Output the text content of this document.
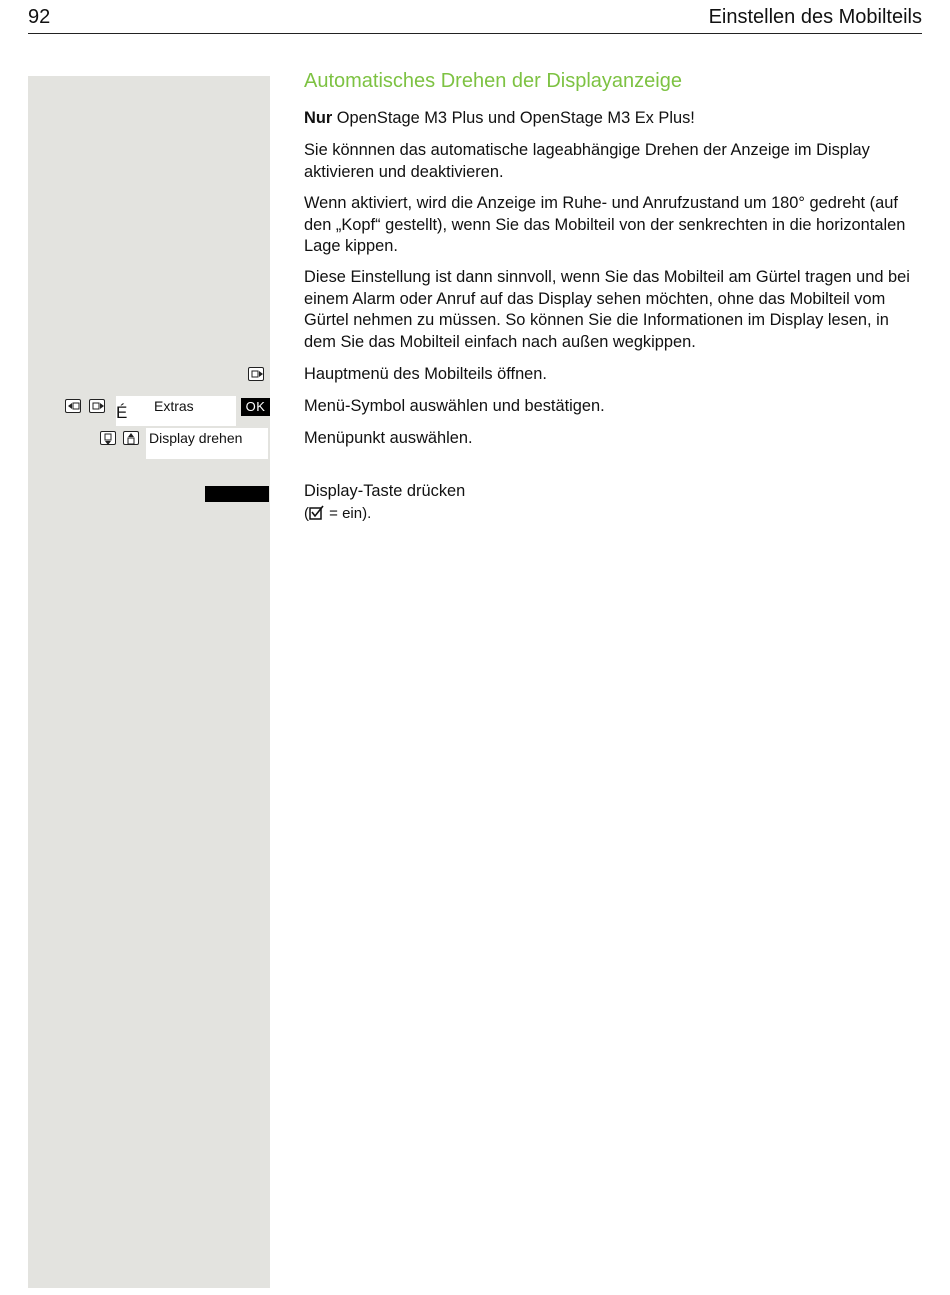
92	Einstellen des Mobilteils
Automatisches Drehen der Displayanzeige

Nur OpenStage M3 Plus und OpenStage M3 Ex Plus!

Sie könnnen das automatische lageabhängige Drehen der Anzeige im Display aktivieren und deaktivieren.

Wenn aktiviert, wird die Anzeige im Ruhe- und Anrufzustand um 180° gedreht (auf den „Kopf“ gestellt), wenn Sie das Mobilteil von der senkrechten in die horizontalen Lage kippen.

Diese Einstellung ist dann sinnvoll, wenn Sie das Mobilteil am Gürtel tragen und bei einem Alarm oder Anruf auf das Display sehen möchten, ohne das Mobilteil vom Gürtel nehmen zu müssen. So können Sie die Informationen im Display lesen, in dem Sie das Mobilteil einfach nach außen wegkippen.

Hauptmenü des Mobilteils öffnen.
É Extras	OK Menü-Symbol auswählen und bestätigen.
Display drehen	Menüpunkt auswählen.
Display-Taste drücken
( = ein).
